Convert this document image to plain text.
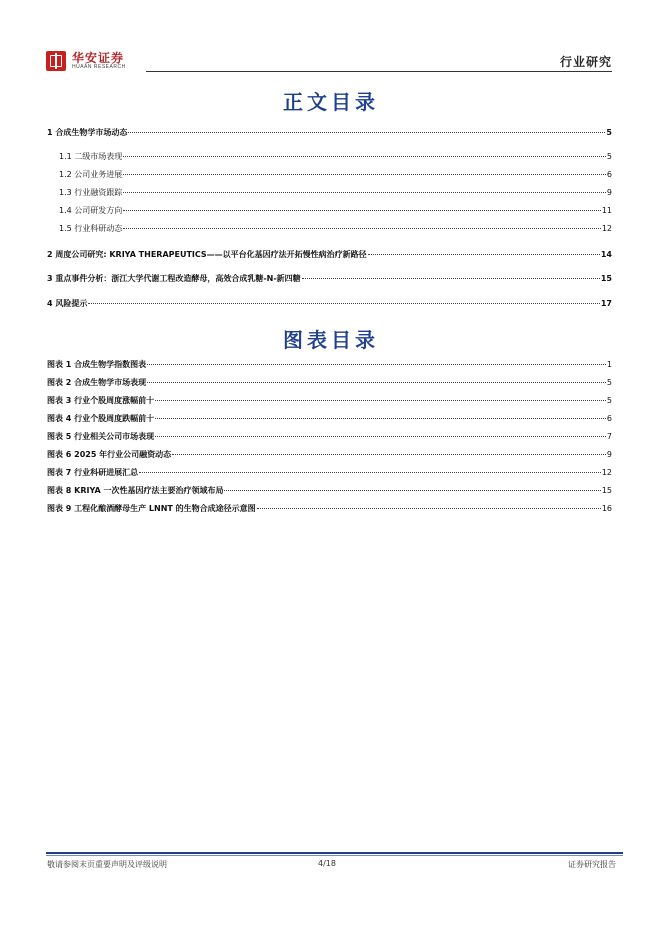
华安证券
HUAAN RESEARCH	行业研究
正文目录
1 合成生物学市场动态	5
1.1 二级市场表现	5
1.2 公司业务进展	6
1.3 行业融资跟踪	9
1.4 公司研发方向	11
1.5 行业科研动态	12
2 周度公司研究: KRIYA THERAPEUTICS——以平台化基因疗法开拓慢性病治疗新路径	14
3 重点事件分析：浙江大学代谢工程改造酵母，高效合成乳糖-N-新四糖	15
4 风险提示	17
图表目录
图表 1 合成生物学指数图表	1
图表 2 合成生物学市场表现	5
图表 3 行业个股周度涨幅前十	5
图表 4 行业个股周度跌幅前十	6
图表 5 行业相关公司市场表现	7
图表 6 2025 年行业公司融资动态	9
图表 7 行业科研进展汇总	12
图表 8 KRIYA 一次性基因疗法主要治疗领域布局	15
图表 9 工程化酿酒酵母生产 LNNT 的生物合成途径示意图	16
敬请参阅末页重要声明及评级说明	4/18	证券研究报告
